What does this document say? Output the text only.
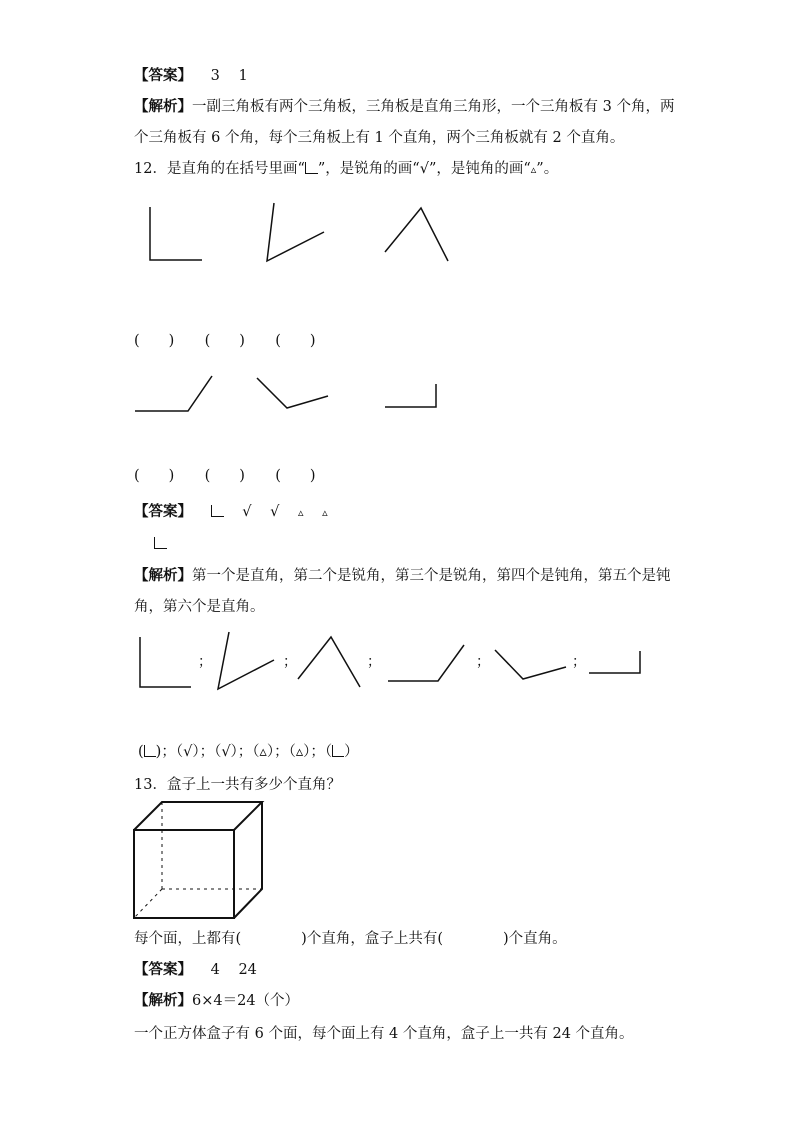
【答案】 3 1
【解析】一副三角板有两个三角板，三角板是直角三角形，一个三角板有 3 个角，两
个三角板有 6 个角，每个三角板上有 1 个直角，两个三角板就有 2 个直角。
12．是直角的在括号里画“ ”，是锐角的画“√”，是钝角的画“▵”。
(　　) (　　) (　　)
(　　) (　　) (　　)
【答案】	√ √ ▵ ▵
【解析】第一个是直角，第二个是锐角，第三个是锐角，第四个是钝角，第五个是钝
角，第六个是直角。
；	；	；	；	；
( )；（√）；（√）；（▵）；（▵）；（ ）
13．盒子上一共有多少个直角？
每个面，上都有(	)个直角，盒子上共有(	)个直角。
【答案】 4 24
【解析】6×4＝24（个）
一个正方体盒子有 6 个面，每个面上有 4 个直角，盒子上一共有 24 个直角。
